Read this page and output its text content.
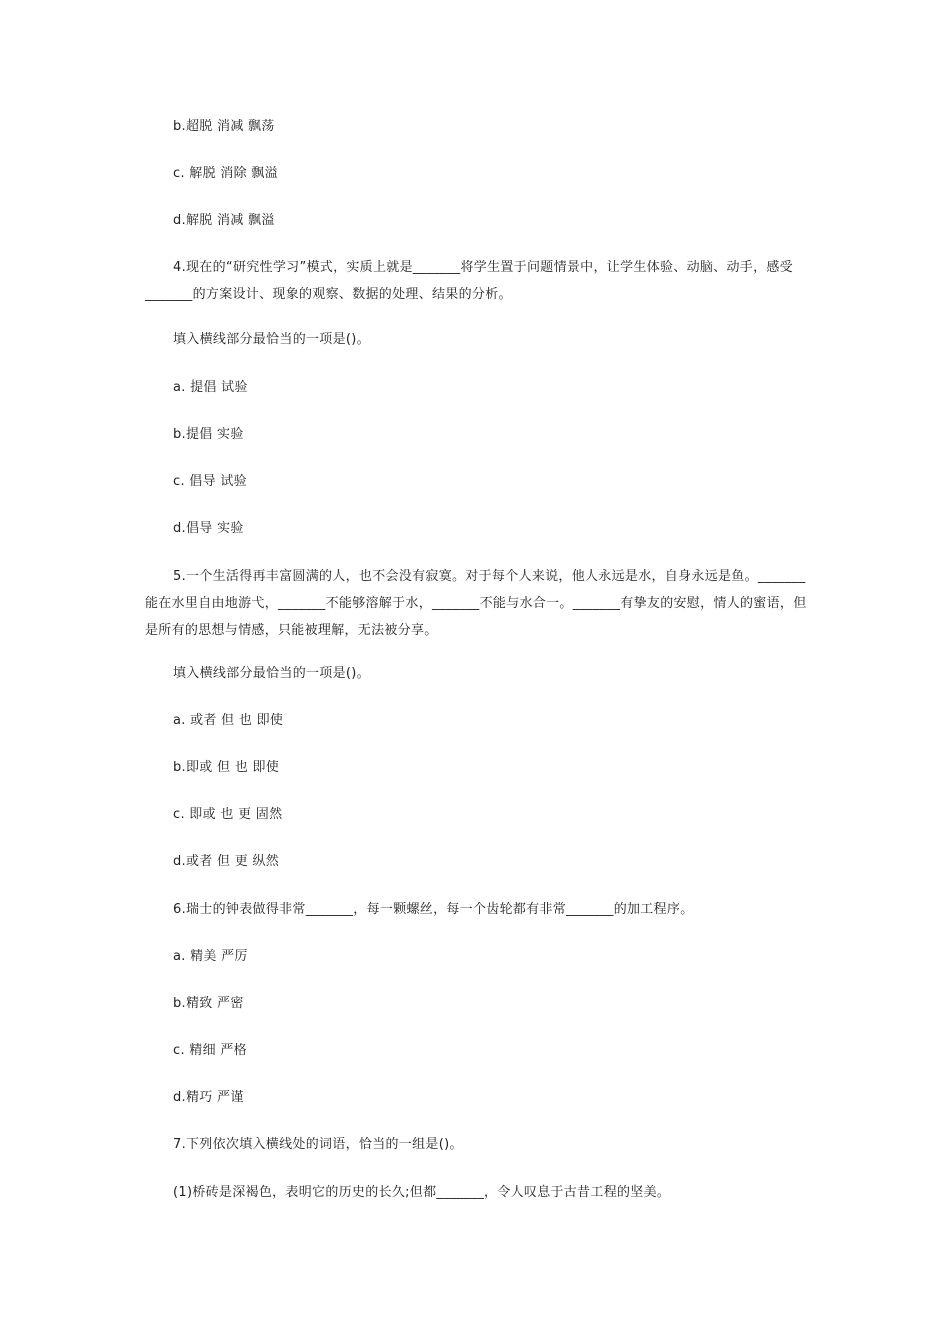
b.超脱 消减 飘荡
c. 解脱 消除 飘溢
d.解脱 消减 飘溢
4.现在的“研究性学习”模式，实质上就是_______将学生置于问题情景中，让学生体验、动脑、动手，感受_______的方案设计、现象的观察、数据的处理、结果的分析。
填入横线部分最恰当的一项是()。
a. 提倡 试验
b.提倡 实验
c. 倡导 试验
d.倡导 实验
5.一个生活得再丰富圆满的人，也不会没有寂寞。对于每个人来说，他人永远是水，自身永远是鱼。_______能在水里自由地游弋，_______不能够溶解于水，_______不能与水合一。_______有挚友的安慰，情人的蜜语，但是所有的思想与情感，只能被理解，无法被分享。
填入横线部分最恰当的一项是()。
a. 或者 但 也 即使
b.即或 但 也 即使
c. 即或 也 更 固然
d.或者 但 更 纵然
6.瑞士的钟表做得非常_______，每一颗螺丝，每一个齿轮都有非常_______的加工程序。
a. 精美 严厉
b.精致 严密
c. 精细 严格
d.精巧 严谨
7.下列依次填入横线处的词语，恰当的一组是()。
(1)桥砖是深褐色，表明它的历史的长久;但都_______，令人叹息于古昔工程的坚美。
